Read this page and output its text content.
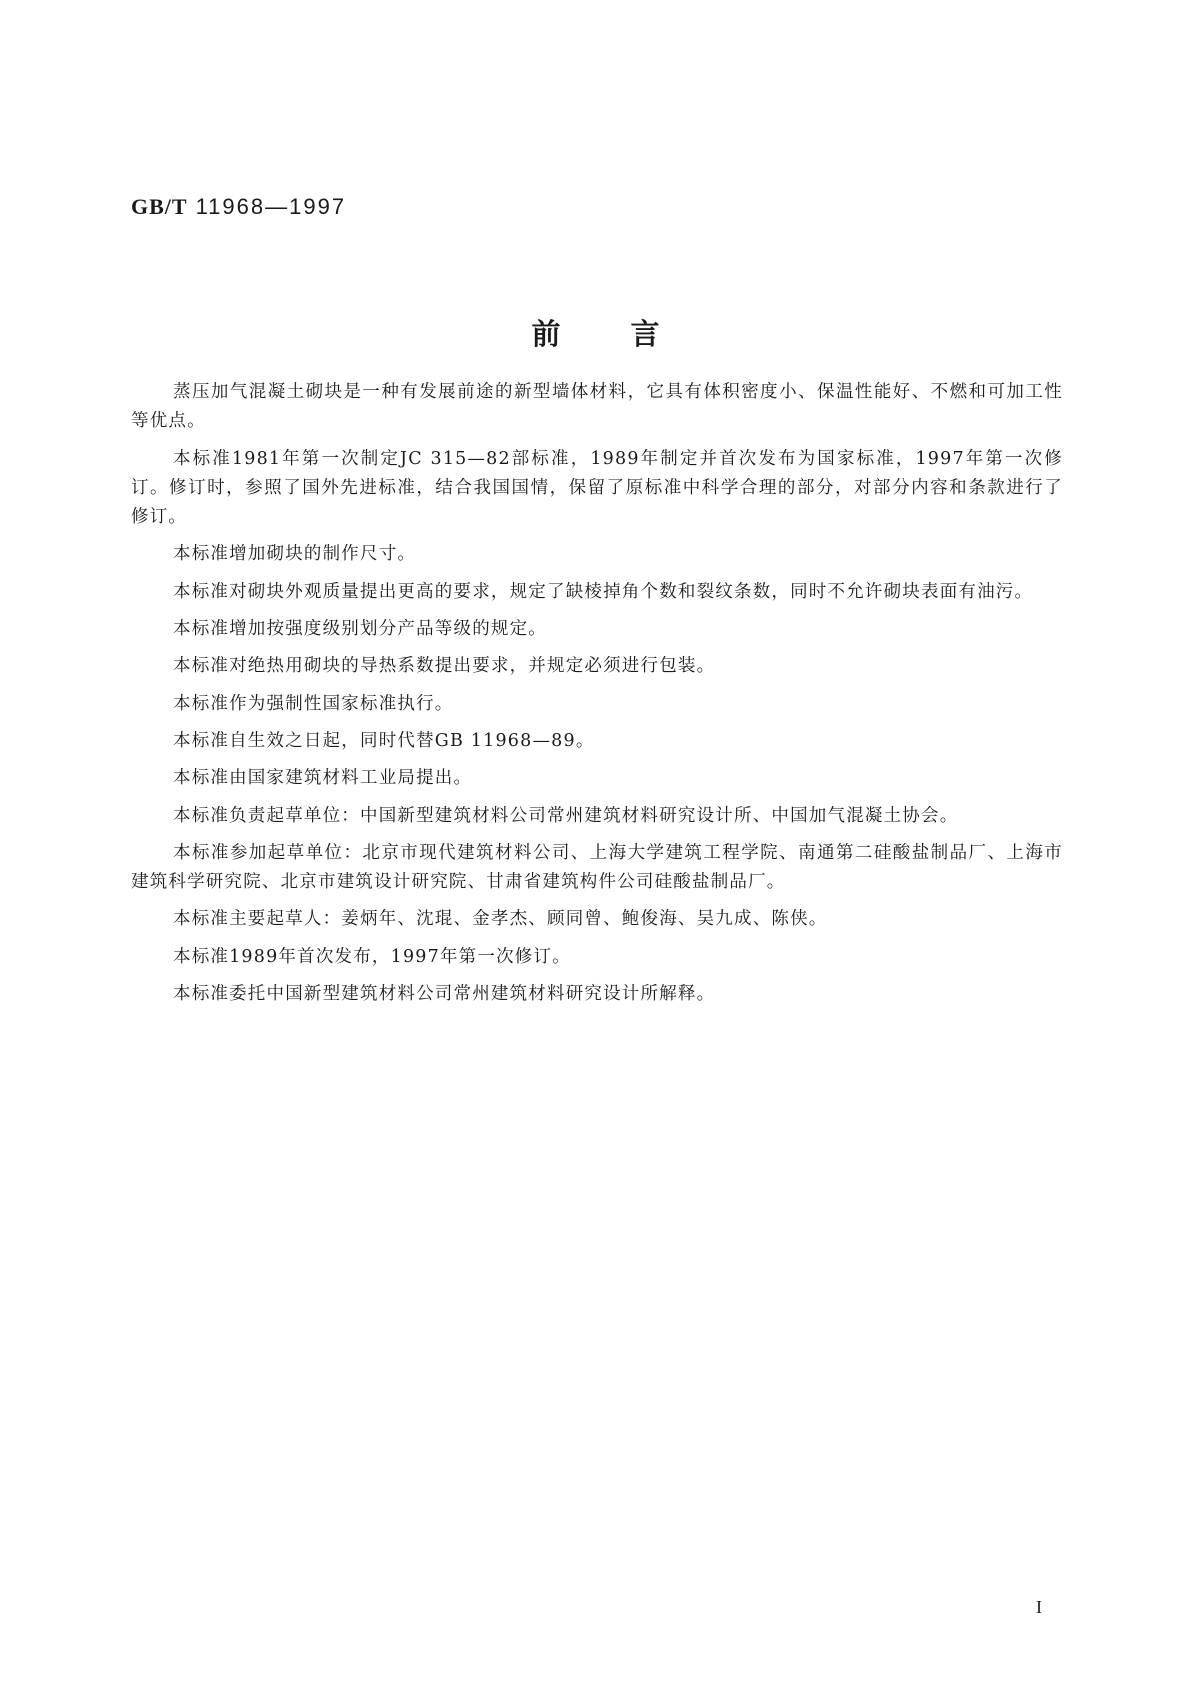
GB/T 11968—1997
前言

蒸压加气混凝土砌块是一种有发展前途的新型墙体材料，它具有体积密度小、保温性能好、不燃和可加工性等优点。

本标准1981年第一次制定JC 315—82部标准，1989年制定并首次发布为国家标准，1997年第一次修订。修订时，参照了国外先进标准，结合我国国情，保留了原标准中科学合理的部分，对部分内容和条款进行了修订。

本标准增加砌块的制作尺寸。

本标准对砌块外观质量提出更高的要求，规定了缺棱掉角个数和裂纹条数，同时不允许砌块表面有油污。

本标准增加按强度级别划分产品等级的规定。

本标准对绝热用砌块的导热系数提出要求，并规定必须进行包装。

本标准作为强制性国家标准执行。

本标准自生效之日起，同时代替GB 11968—89。

本标准由国家建筑材料工业局提出。

本标准负责起草单位：中国新型建筑材料公司常州建筑材料研究设计所、中国加气混凝土协会。

本标准参加起草单位：北京市现代建筑材料公司、上海大学建筑工程学院、南通第二硅酸盐制品厂、上海市建筑科学研究院、北京市建筑设计研究院、甘肃省建筑构件公司硅酸盐制品厂。

本标准主要起草人：姜炳年、沈琨、金孝杰、顾同曾、鲍俊海、吴九成、陈侠。

本标准1989年首次发布，1997年第一次修订。

本标准委托中国新型建筑材料公司常州建筑材料研究设计所解释。

I
